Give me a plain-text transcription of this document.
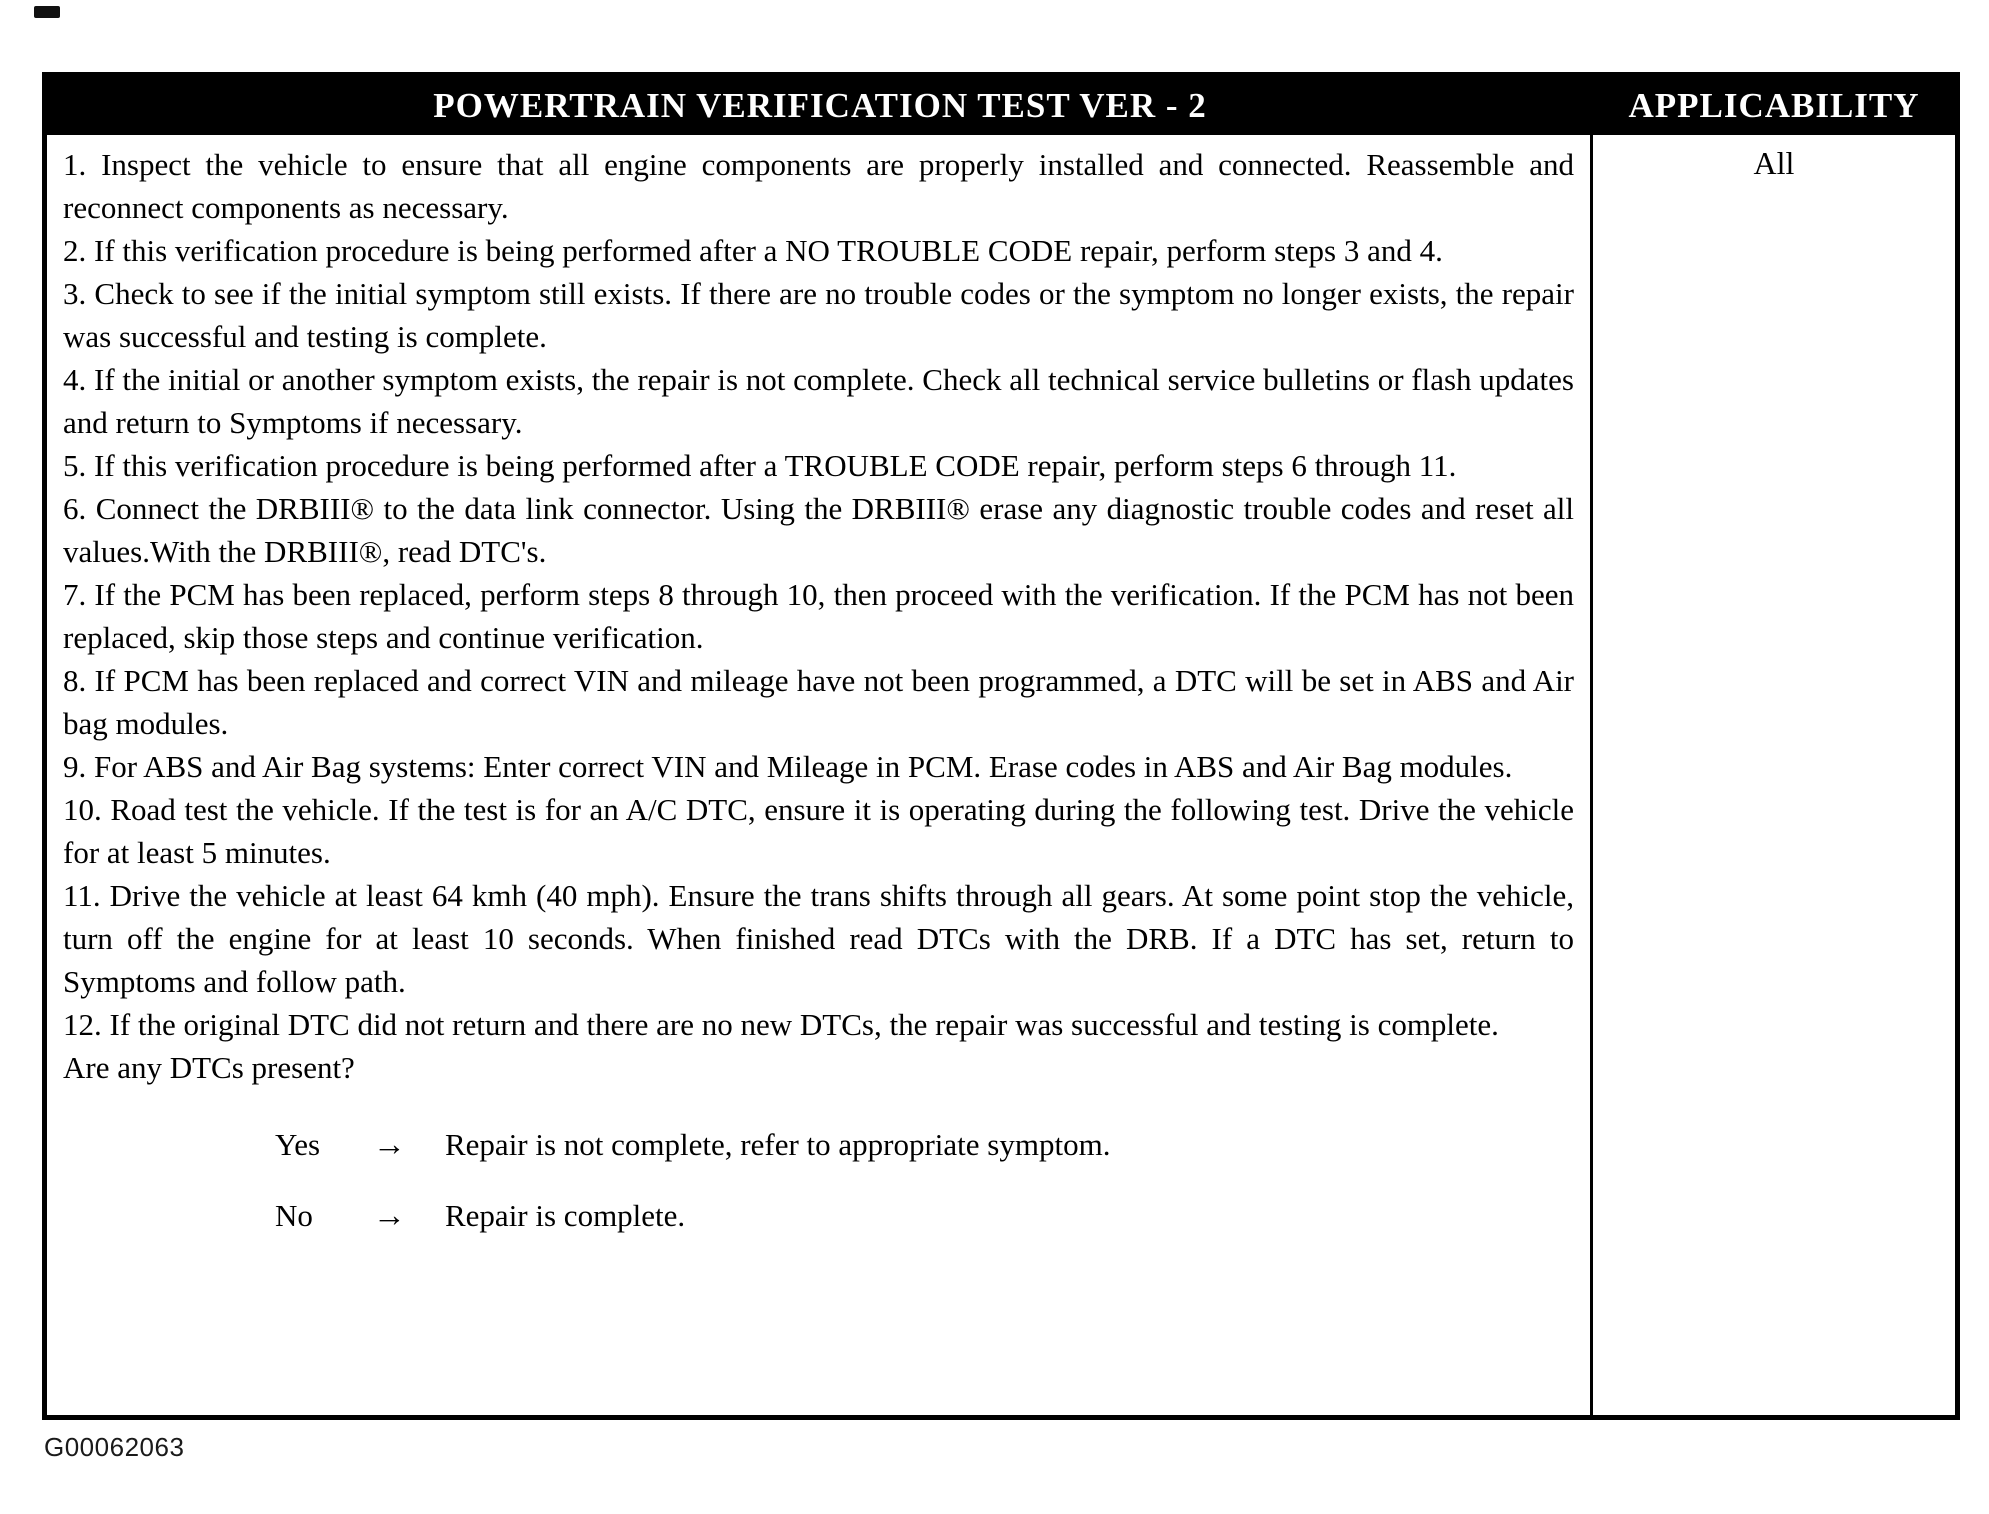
POWERTRAIN VERIFICATION TEST VER - 2	APPLICABILITY

1. Inspect the vehicle to ensure that all engine components are properly installed and connected. Reassemble and reconnect components as necessary.

2. If this verification procedure is being performed after a NO TROUBLE CODE repair, perform steps 3 and 4.

3. Check to see if the initial symptom still exists. If there are no trouble codes or the symptom no longer exists, the repair was successful and testing is complete.

4. If the initial or another symptom exists, the repair is not complete. Check all technical service bulletins or flash updates and return to Symptoms if necessary.

5. If this verification procedure is being performed after a TROUBLE CODE repair, perform steps 6 through 11.

6. Connect the DRBIII® to the data link connector. Using the DRBIII® erase any diagnostic trouble codes and reset all values.With the DRBIII®, read DTC's.

7. If the PCM has been replaced, perform steps 8 through 10, then proceed with the verification. If the PCM has not been replaced, skip those steps and continue verification.

8. If PCM has been replaced and correct VIN and mileage have not been programmed, a DTC will be set in ABS and Air bag modules.

9. For ABS and Air Bag systems: Enter correct VIN and Mileage in PCM. Erase codes in ABS and Air Bag modules.

10. Road test the vehicle. If the test is for an A/C DTC, ensure it is operating during the following test. Drive the vehicle for at least 5 minutes.

11. Drive the vehicle at least 64 kmh (40 mph). Ensure the trans shifts through all gears. At some point stop the vehicle, turn off the engine for at least 10 seconds. When finished read DTCs with the DRB. If a DTC has set, return to Symptoms and follow path.

12. If the original DTC did not return and there are no new DTCs, the repair was successful and testing is complete.

Are any DTCs present?

Yes	→	Repair is not complete, refer to appropriate symptom.
No	→	Repair is complete.
All
G00062063
